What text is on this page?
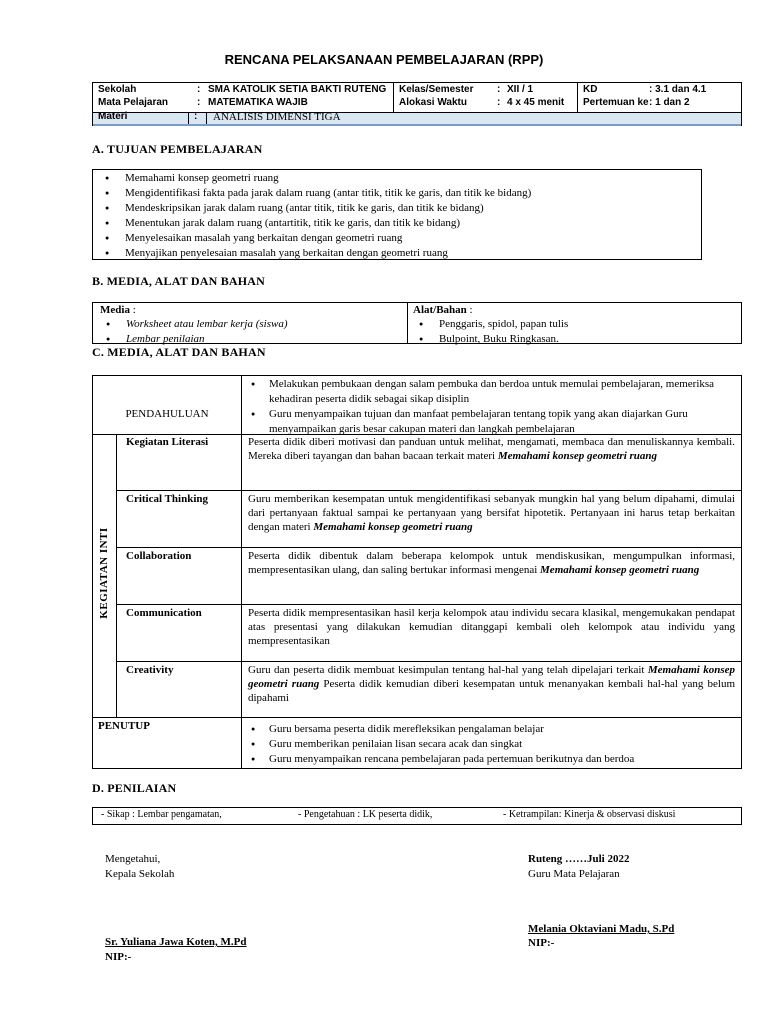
RENCANA PELAKSANAAN PEMBELAJARAN (RPP)
Sekolah	: SMA KATOLIK SETIA BAKTI RUTENG
Mata Pelajaran	: MATEMATIKA WAJIB
Kelas/Semester : XII / 1
Alokasi Waktu	: 4 x 45 menit
KD	: 3.1 dan 4.1
Pertemuan ke : 1 dan 2
Materi	: ANALISIS DIMENSI TIGA
A. TUJUAN PEMBELAJARAN
● Memahami konsep geometri ruang
● Mengidentifikasi fakta pada jarak dalam ruang (antar titik, titik ke garis, dan titik ke bidang)
● Mendeskripsikan jarak dalam ruang (antar titik, titik ke garis, dan titik ke bidang)
● Menentukan jarak dalam ruang (antartitik, titik ke garis, dan titik ke bidang)
● Menyelesaikan masalah yang berkaitan dengan geometri ruang
● Menyajikan penyelesaian masalah yang berkaitan dengan geometri ruang
B. MEDIA, ALAT DAN BAHAN
Media :
● Worksheet atau lembar kerja (siswa)
● Lembar penilaian
Alat/Bahan :
● Penggaris, spidol, papan tulis
● Bulpoint, Buku Ringkasan.
C. MEDIA, ALAT DAN BAHAN
PENDAHULUAN
● Melakukan pembukaan dengan salam pembuka dan berdoa untuk memulai pembelajaran, memeriksa kehadiran peserta didik sebagai sikap disiplin
● Guru menyampaikan tujuan dan manfaat pembelajaran tentang topik yang akan diajarkan Guru menyampaikan garis besar cakupan materi dan langkah pembelajaran
KEGIATAN INTI
Kegiatan Literasi	Peserta didik diberi motivasi dan panduan untuk melihat, mengamati, membaca dan menuliskannya kembali. Mereka diberi tayangan dan bahan bacaan terkait materi Memahami konsep geometri ruang
Critical Thinking	Guru memberikan kesempatan untuk mengidentifikasi sebanyak mungkin hal yang belum dipahami, dimulai dari pertanyaan faktual sampai ke pertanyaan yang bersifat hipotetik. Pertanyaan ini harus tetap berkaitan dengan materi Memahami konsep geometri ruang
Collaboration	Peserta didik dibentuk dalam beberapa kelompok untuk mendiskusikan, mengumpulkan informasi, mempresentasikan ulang, dan saling bertukar informasi mengenai Memahami konsep geometri ruang
Communication	Peserta didik mempresentasikan hasil kerja kelompok atau individu secara klasikal, mengemukakan pendapat atas presentasi yang dilakukan kemudian ditanggapi kembali oleh kelompok atau individu yang mempresentasikan
Creativity	Guru dan peserta didik membuat kesimpulan tentang hal-hal yang telah dipelajari terkait Memahami konsep geometri ruang Peserta didik kemudian diberi kesempatan untuk menanyakan kembali hal-hal yang belum dipahami
PENUTUP
●	Guru bersama peserta didik merefleksikan pengalaman belajar
● Guru memberikan penilaian lisan secara acak dan singkat
● Guru menyampaikan rencana pembelajaran pada pertemuan berikutnya dan berdoa
D. PENILAIAN
- Sikap : Lembar pengamatan,	- Pengetahuan : LK peserta didik,	- Ketrampilan: Kinerja & observasi diskusi
Mengetahui,
Kepala Sekolah
Sr. Yuliana Jawa Koten, M.Pd
NIP:-
Ruteng ……Juli 2022
Guru Mata Pelajaran
Melania Oktaviani Madu, S.Pd
NIP:-
